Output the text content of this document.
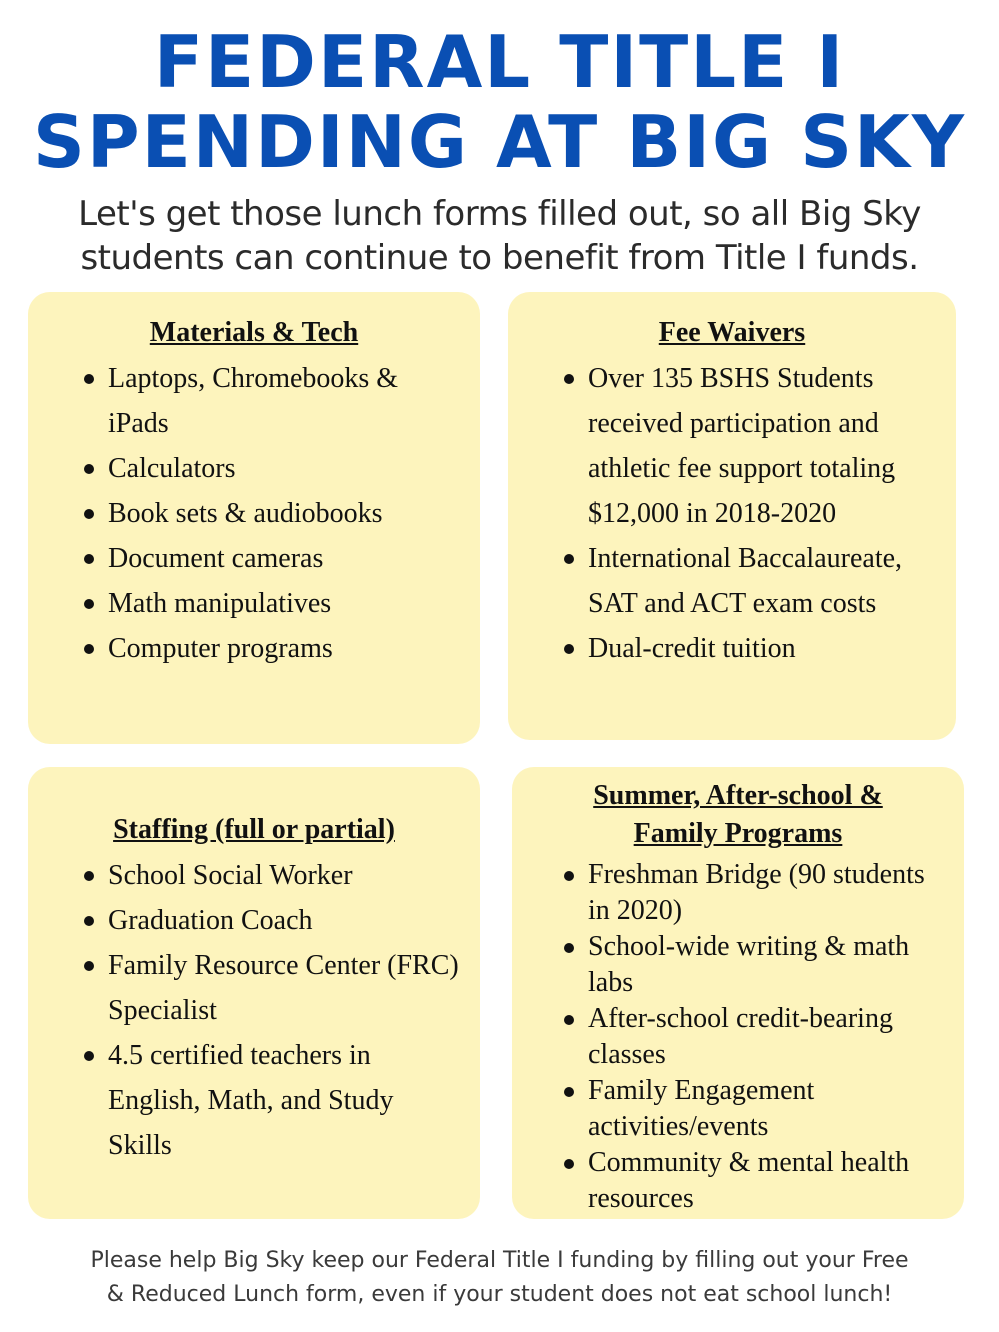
FEDERAL TITLE I
SPENDING AT BIG SKY

Let's get those lunch forms filled out, so all Big Sky
students can continue to benefit from Title I funds.

Materials & Tech
Laptops, Chromebooks & iPads
Calculators
Book sets & audiobooks
Document cameras
Math manipulatives
Computer programs
Fee Waivers
Over 135 BSHS Students received participation and athletic fee support totaling $12,000 in 2018-2020
International Baccalaureate, SAT and ACT exam costs
Dual-credit tuition
Staffing (full or partial)
School Social Worker
Graduation Coach
Family Resource Center (FRC) Specialist
4.5 certified teachers in English, Math, and Study Skills
Summer, After-school &
Family Programs
Freshman Bridge (90 students in 2020)
School-wide writing & math labs
After-school credit-bearing classes
Family Engagement activities/events
Community & mental health resources

Please help Big Sky keep our Federal Title I funding by filling out your Free
& Reduced Lunch form, even if your student does not eat school lunch!
